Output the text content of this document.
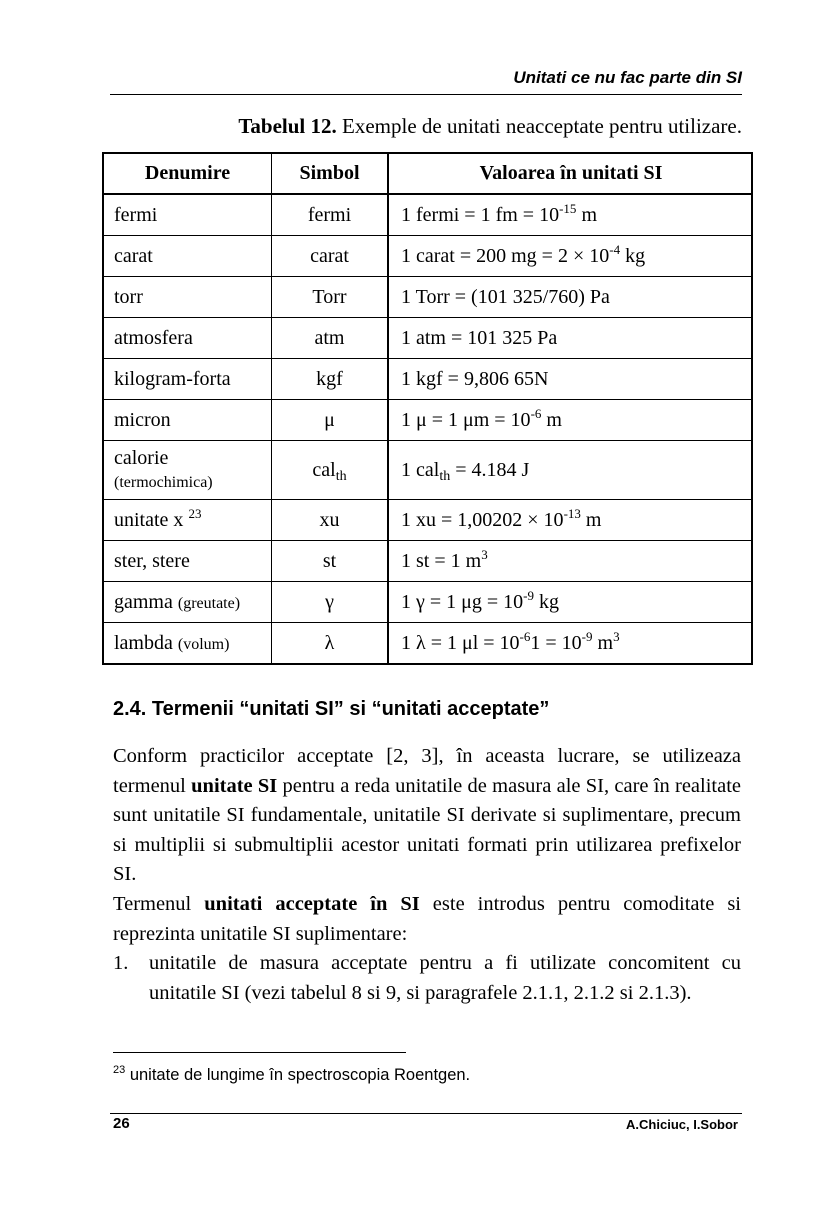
Unitati ce nu fac parte din SI
Tabelul 12. Exemple de unitati neacceptate pentru utilizare.
Denumire	Simbol	Valoarea în unitati SI
fermi	fermi	1 fermi = 1 fm = $10^{-15}$ m
carat	carat	1 carat = 200 mg = $2 \times 10^{-4}$ kg
torr	Torr	1 Torr = (101 325/760) Pa
atmosfera	atm	1 atm = 101 325 Pa
kilogram-forta	kgf	1 kgf = 9,806 65N
micron	μ	1 μ = 1 $\mu m = 10^{-6}$ m
calorie
(termochimica)	cal$_{th}$	1 cal$_{th}$ = 4.184 J
unitate x $^{23}$	xu	1 xu = $1,00202 \times 10^{-13}$ m
ster, stere	st	1 st = 1 $m^3$
gamma (greutate)	γ	1 γ = 1 $\mu g = 10^{-9}$ kg
lambda (volum)	λ	1 λ = 1 $\mu l = 10^{-6}1 = 10^{-9}$ $m^3$
2.4. Termenii “unitati SI” si “unitati acceptate”

Conform practicilor acceptate [2, 3], în aceasta lucrare, se utilizeaza termenul unitate SI pentru a reda unitatile de masura ale SI, care în realitate sunt unitatile SI fundamentale, unitatile SI derivate si suplimentare, precum si multiplii si submultiplii acestor unitati formati prin utilizarea prefixelor SI.

Termenul unitati acceptate în SI este introdus pentru comoditate si reprezinta unitatile SI suplimentare:

1.	unitatile de masura acceptate pentru a fi utilizate concomitent cu unitatile SI (vezi tabelul 8 si 9, si paragrafele 2.1.1, 2.1.2 si 2.1.3).
$^{23}$ unitate de lungime în spectroscopia Roentgen.
26	A.Chiciuc, I.Sobor
